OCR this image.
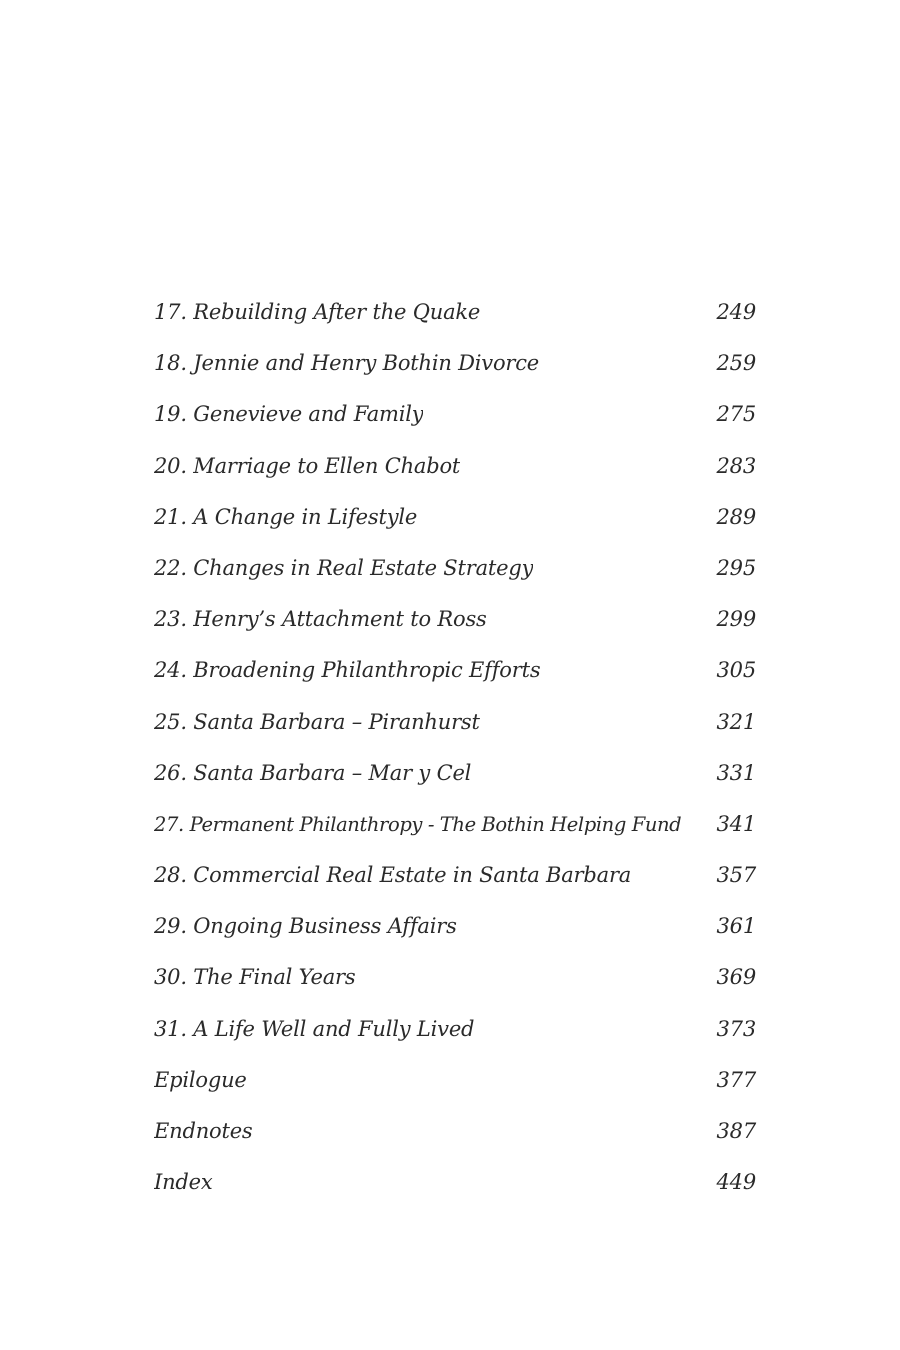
17. Rebuilding After the Quake	249
18. Jennie and Henry Bothin Divorce	259
19. Genevieve and Family	275
20. Marriage to Ellen Chabot	283
21. A Change in Lifestyle	289
22. Changes in Real Estate Strategy	295
23. Henry’s Attachment to Ross	299
24. Broadening Philanthropic Efforts	305
25. Santa Barbara – Piranhurst	321
26. Santa Barbara – Mar y Cel	331
27. Permanent Philanthropy - The Bothin Helping Fund 341
28. Commercial Real Estate in Santa Barbara	357
29. Ongoing Business Affairs	361
30. The Final Years	369
31. A Life Well and Fully Lived	373
Epilogue	377
Endnotes	387
Index	449
